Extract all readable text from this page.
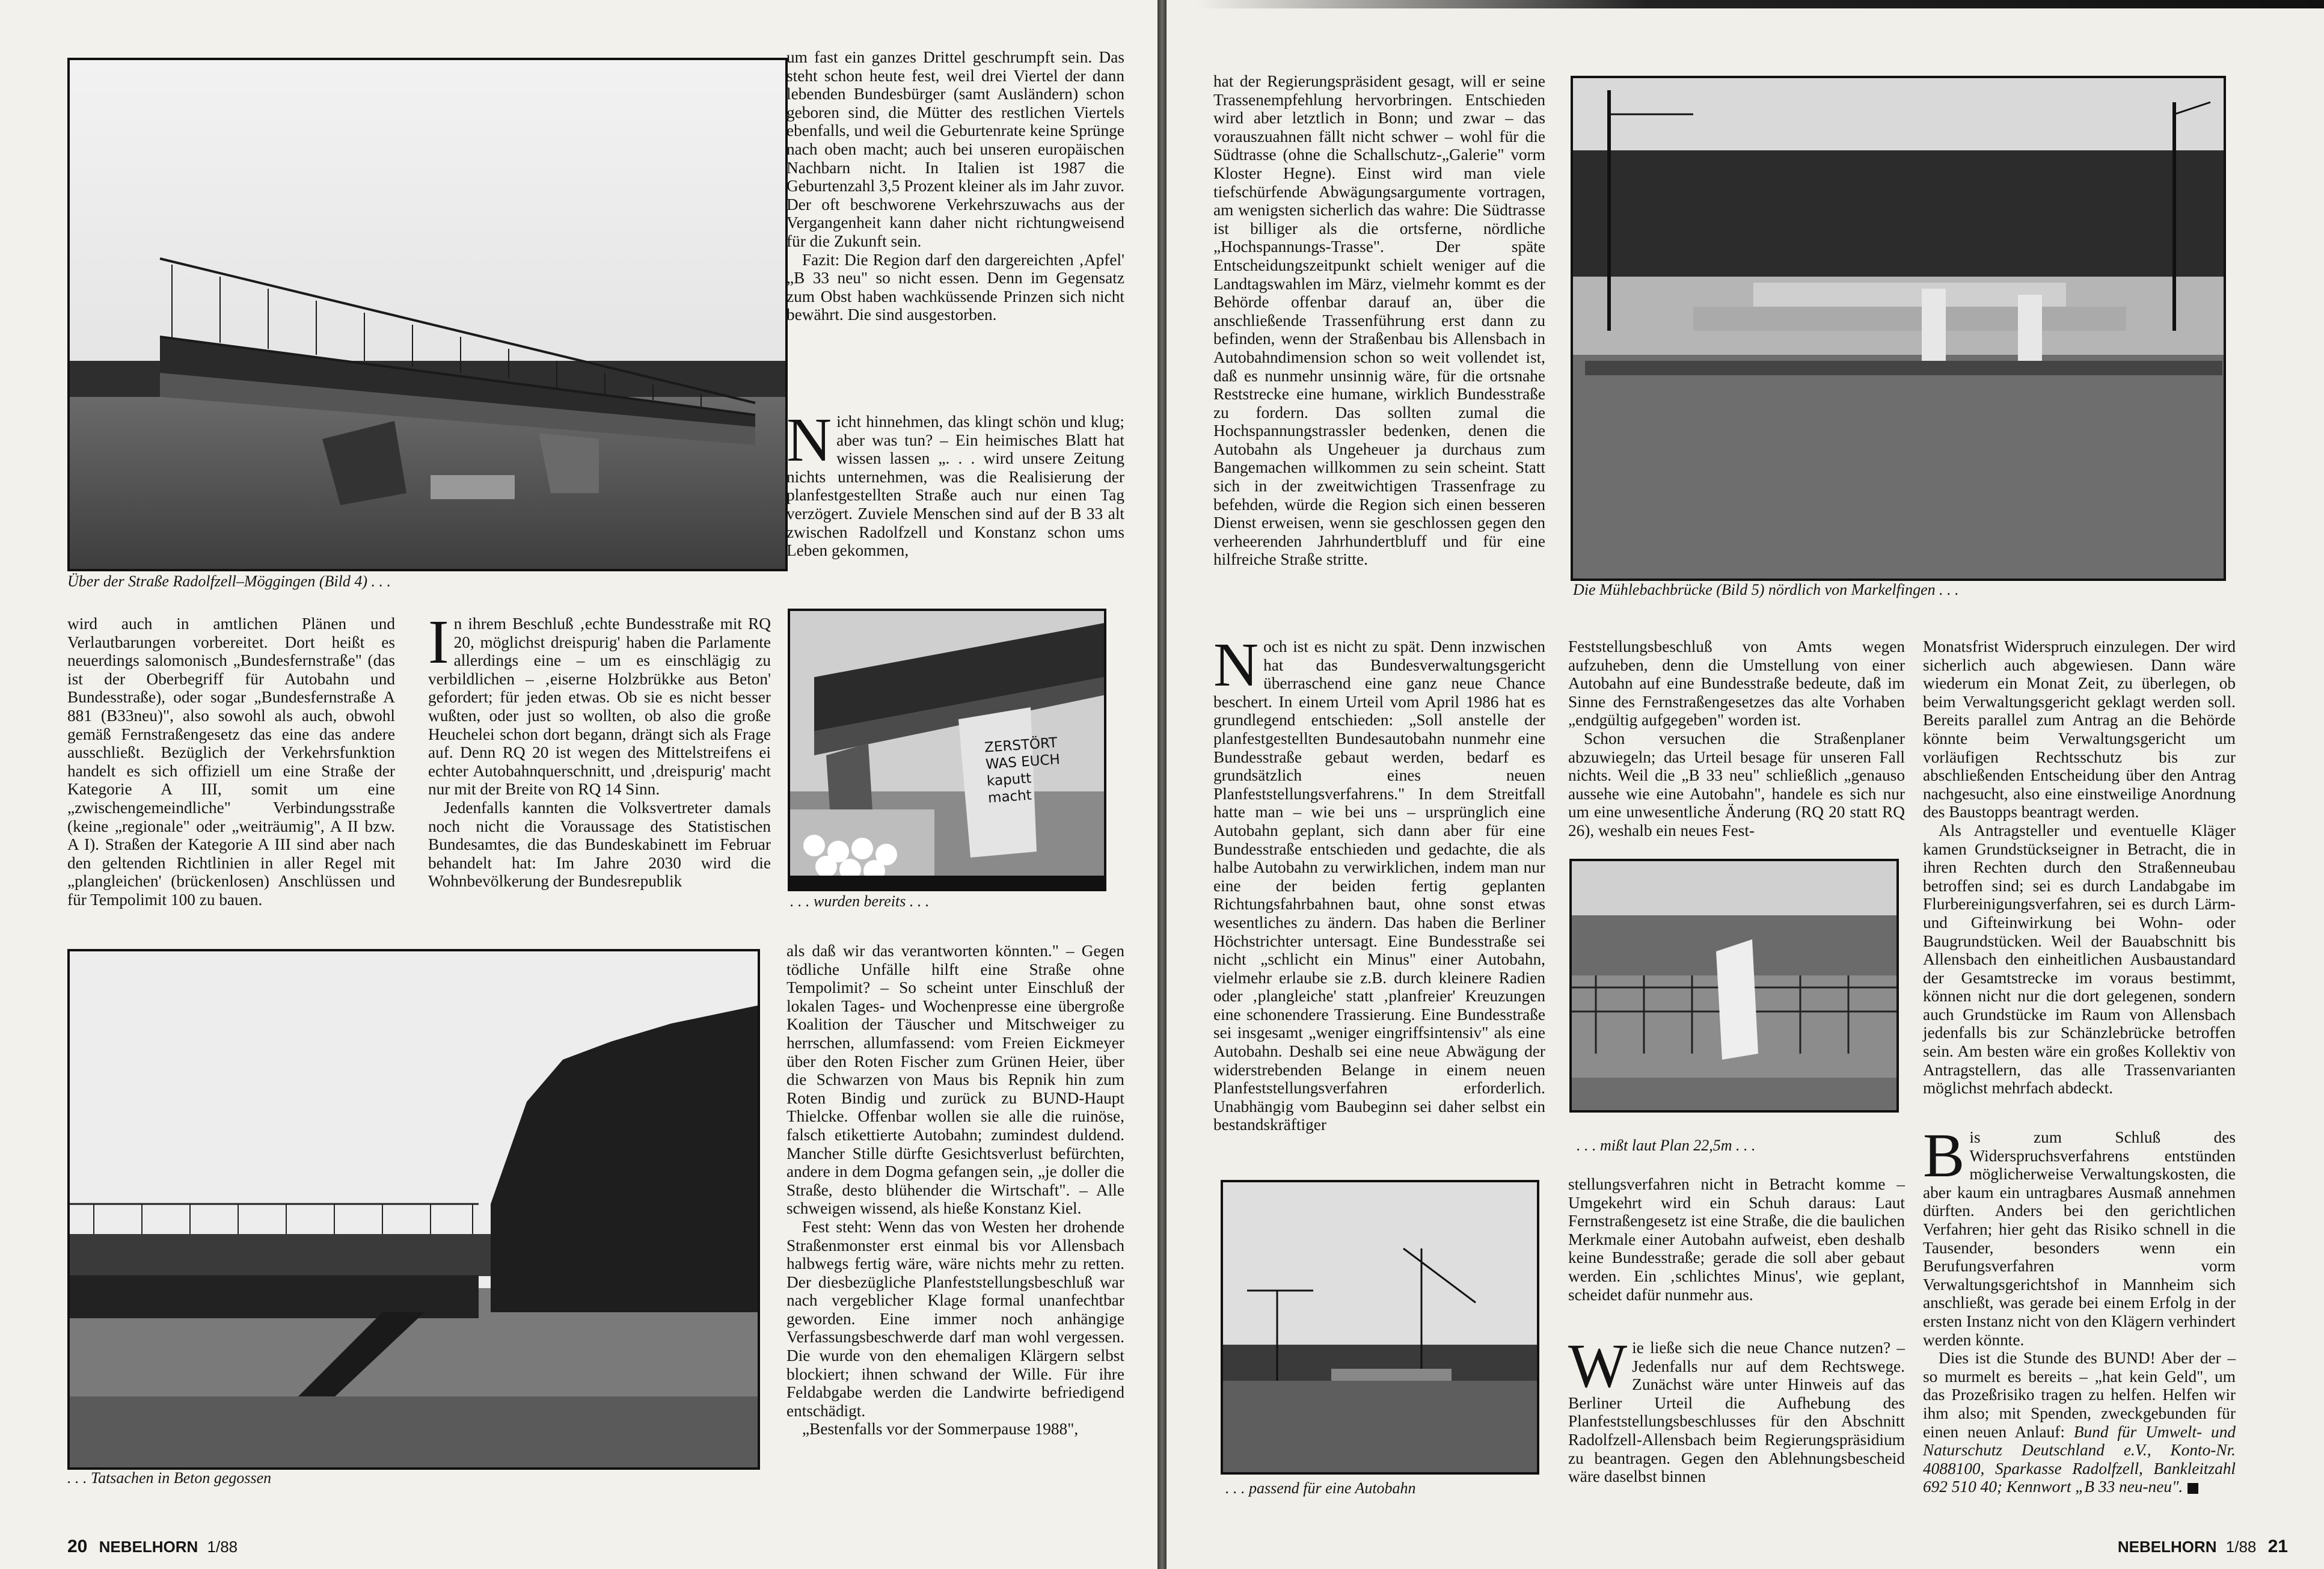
Über der Straße Radolfzell–Möggingen (Bild 4) . . .

wird auch in amtlichen Plänen und Verlautbarungen vorbereitet. Dort heißt es neuerdings salomonisch „Bundesfernstraße" (das ist der Oberbegriff für Autobahn und Bundesstraße), oder sogar „Bundesfernstraße A 881 (B33neu)", also sowohl als auch, obwohl gemäß Fernstraßengesetz das eine das andere ausschließt. Bezüglich der Verkehrsfunktion handelt es sich offiziell um eine Straße der Kategorie A III, somit um eine „zwischengemeindliche" Verbindungsstraße (keine „regionale" oder „weiträumig", A II bzw. A I). Straßen der Kategorie A III sind aber nach den geltenden Richtlinien in aller Regel mit „plangleichen' (brückenlosen) Anschlüssen und für Tempolimit 100 zu bauen.

In ihrem Beschluß ‚echte Bundesstraße mit RQ 20, möglichst dreispurig' haben die Parlamente allerdings eine – um es einschlägig zu verbildlichen – ‚eiserne Holzbrükke aus Beton' gefordert; für jeden etwas. Ob sie es nicht besser wußten, oder just so wollten, ob also die große Heuchelei schon dort begann, drängt sich als Frage auf. Denn RQ 20 ist wegen des Mittelstreifens ei echter Autobahnquerschnitt, und ‚dreispurig' macht nur mit der Breite von RQ 14 Sinn.

Jedenfalls kannten die Volksvertreter damals noch nicht die Voraussage des Statistischen Bundesamtes, die das Bundeskabinett im Februar behandelt hat: Im Jahre 2030 wird die Wohnbevölkerung der Bundesrepublik

um fast ein ganzes Drittel geschrumpft sein. Das steht schon heute fest, weil drei Viertel der dann lebenden Bundesbürger (samt Ausländern) schon geboren sind, die Mütter des restlichen Viertels ebenfalls, und weil die Geburtenrate keine Sprünge nach oben macht; auch bei unseren europäischen Nachbarn nicht. In Italien ist 1987 die Geburtenzahl 3,5 Prozent kleiner als im Jahr zuvor. Der oft beschworene Verkehrszuwachs aus der Vergangenheit kann daher nicht richtungweisend für die Zukunft sein.

Fazit: Die Region darf den dargereichten ‚Apfel' „B 33 neu" so nicht essen. Denn im Gegensatz zum Obst haben wachküssende Prinzen sich nicht bewährt. Die sind ausgestorben.

Nicht hinnehmen, das klingt schön und klug; aber was tun? – Ein heimisches Blatt hat wissen lassen „. . . wird unsere Zeitung nichts unternehmen, was die Realisierung der planfestgestellten Straße auch nur einen Tag verzögert. Zuviele Menschen sind auf der B 33 alt zwischen Radolfzell und Konstanz schon ums Leben gekommen,

ZERSTÖRT
WAS EUCH
kaputt
macht
. . . wurden bereits . . .
. . . Tatsachen in Beton gegossen

als daß wir das verantworten könnten." – Gegen tödliche Unfälle hilft eine Straße ohne Tempolimit? – So scheint unter Einschluß der lokalen Tages- und Wochenpresse eine übergroße Koalition der Täuscher und Mitschweiger zu herrschen, allumfassend: vom Freien Eickmeyer über den Roten Fischer zum Grünen Heier, über die Schwarzen von Maus bis Repnik hin zum Roten Bindig und zurück zu BUND-Haupt Thielcke. Offenbar wollen sie alle die ruinöse, falsch etikettierte Autobahn; zumindest duldend. Mancher Stille dürfte Gesichtsverlust befürchten, andere in dem Dogma gefangen sein, „je doller die Straße, desto blühender die Wirtschaft". – Alle schweigen wissend, als hieße Konstanz Kiel.

Fest steht: Wenn das von Westen her drohende Straßenmonster erst einmal bis vor Allensbach halbwegs fertig wäre, wäre nichts mehr zu retten. Der diesbezügliche Planfeststellungsbeschluß war nach vergeblicher Klage formal unanfechtbar geworden. Eine immer noch anhängige Verfassungsbeschwerde darf man wohl vergessen. Die wurde von den ehemaligen Klärgern selbst blockiert; ihnen schwand der Wille. Für ihre Feldabgabe werden die Landwirte befriedigend entschädigt.

„Bestenfalls vor der Sommerpause 1988",

20 NEBELHORN 1/88

hat der Regierungspräsident gesagt, will er seine Trassenempfehlung hervorbringen. Entschieden wird aber letztlich in Bonn; und zwar – das vorauszuahnen fällt nicht schwer – wohl für die Südtrasse (ohne die Schallschutz-„Galerie" vorm Kloster Hegne). Einst wird man viele tiefschürfende Abwägungsargumente vortragen, am wenigsten sicherlich das wahre: Die Südtrasse ist billiger als die ortsferne, nördliche „Hochspannungs-Trasse". Der späte Entscheidungszeitpunkt schielt weniger auf die Landtagswahlen im März, vielmehr kommt es der Behörde offenbar darauf an, über die anschließende Trassenführung erst dann zu befinden, wenn der Straßenbau bis Allensbach in Autobahndimension schon so weit vollendet ist, daß es nunmehr unsinnig wäre, für die ortsnahe Reststrecke eine humane, wirklich Bundesstraße zu fordern. Das sollten zumal die Hochspannungstrassler bedenken, denen die Autobahn als Ungeheuer ja durchaus zum Bangemachen willkommen zu sein scheint. Statt sich in der zweitwichtigen Trassenfrage zu befehden, würde die Region sich einen besseren Dienst erweisen, wenn sie geschlossen gegen den verheerenden Jahrhundertbluff und für eine hilfreiche Straße stritte.

Die Mühlebachbrücke (Bild 5) nördlich von Markelfingen . . .

Noch ist es nicht zu spät. Denn inzwischen hat das Bundesverwaltungsgericht überraschend eine ganz neue Chance beschert. In einem Urteil vom April 1986 hat es grundlegend entschieden: „Soll anstelle der planfestgestellten Bundesautobahn nunmehr eine Bundesstraße gebaut werden, bedarf es grundsätzlich eines neuen Planfeststellungsverfahrens." In dem Streitfall hatte man – wie bei uns – ursprünglich eine Autobahn geplant, sich dann aber für eine Bundesstraße entschieden und gedachte, die als halbe Autobahn zu verwirklichen, indem man nur eine der beiden fertig geplanten Richtungsfahrbahnen baut, ohne sonst etwas wesentliches zu ändern. Das haben die Berliner Höchstrichter untersagt. Eine Bundesstraße sei nicht „schlicht ein Minus" einer Autobahn, vielmehr erlaube sie z.B. durch kleinere Radien oder ‚plangleiche' statt ‚planfreier' Kreuzungen eine schonendere Trassierung. Eine Bundesstraße sei insgesamt „weniger eingriffsintensiv" als eine Autobahn. Deshalb sei eine neue Abwägung der widerstrebenden Belange in einem neuen Planfeststellungsverfahren erforderlich. Unabhängig vom Baubeginn sei daher selbst ein bestandskräftiger

Feststellungsbeschluß von Amts wegen aufzuheben, denn die Umstellung von einer Autobahn auf eine Bundesstraße bedeute, daß im Sinne des Fernstraßengesetzes das alte Vorhaben „endgültig aufgegeben" worden ist.

Schon versuchen die Straßenplaner abzuwiegeln; das Urteil besage für unseren Fall nichts. Weil die „B 33 neu" schließlich „genauso aussehe wie eine Autobahn", handele es sich nur um eine unwesentliche Änderung (RQ 20 statt RQ 26), weshalb ein neues Fest-

. . . mißt laut Plan 22,5m . . .

stellungsverfahren nicht in Betracht komme – Umgekehrt wird ein Schuh daraus: Laut Fernstraßengesetz ist eine Straße, die die baulichen Merkmale einer Autobahn aufweist, eben deshalb keine Bundesstraße; gerade die soll aber gebaut werden. Ein ‚schlichtes Minus', wie geplant, scheidet dafür nunmehr aus.

Wie ließe sich die neue Chance nutzen? – Jedenfalls nur auf dem Rechtswege. Zunächst wäre unter Hinweis auf das Berliner Urteil die Aufhebung des Planfeststellungsbeschlusses für den Abschnitt Radolfzell-Allensbach beim Regierungspräsidium zu beantragen. Gegen den Ablehnungsbescheid wäre daselbst binnen

. . . passend für eine Autobahn

Monatsfrist Widerspruch einzulegen. Der wird sicherlich auch abgewiesen. Dann wäre wiederum ein Monat Zeit, zu überlegen, ob beim Verwaltungsgericht geklagt werden soll. Bereits parallel zum Antrag an die Behörde könnte beim Verwaltungsgericht um vorläufigen Rechtsschutz bis zur abschließenden Entscheidung über den Antrag nachgesucht, also eine einstweilige Anordnung des Baustopps beantragt werden.

Als Antragsteller und eventuelle Kläger kamen Grundstückseigner in Betracht, die in ihren Rechten durch den Straßenneubau betroffen sind; sei es durch Landabgabe im Flurbereinigungsverfahren, sei es durch Lärm- und Gifteinwirkung bei Wohn- oder Baugrundstücken. Weil der Bauabschnitt bis Allensbach den einheitlichen Ausbaustandard der Gesamtstrecke im voraus bestimmt, können nicht nur die dort gelegenen, sondern auch Grundstücke im Raum von Allensbach jedenfalls bis zur Schänzlebrücke betroffen sein. Am besten wäre ein großes Kollektiv von Antragstellern, das alle Trassenvarianten möglichst mehrfach abdeckt.

Bis zum Schluß des Widerspruchsverfahrens entstünden möglicherweise Verwaltungskosten, die aber kaum ein untragbares Ausmaß annehmen dürften. Anders bei den gerichtlichen Verfahren; hier geht das Risiko schnell in die Tausender, besonders wenn ein Berufungsverfahren vorm Verwaltungsgerichtshof in Mannheim sich anschließt, was gerade bei einem Erfolg in der ersten Instanz nicht von den Klägern verhindert werden könnte.

Dies ist die Stunde des BUND! Aber der – so murmelt es bereits – „hat kein Geld", um das Prozeßrisiko tragen zu helfen. Helfen wir ihm also; mit Spenden, zweckgebunden für einen neuen Anlauf: Bund für Umwelt- und Naturschutz Deutschland e.V., Konto-Nr. 4088100, Sparkasse Radolfzell, Bankleitzahl 692 510 40; Kennwort „B 33 neu-neu".

NEBELHORN 1/88 21
